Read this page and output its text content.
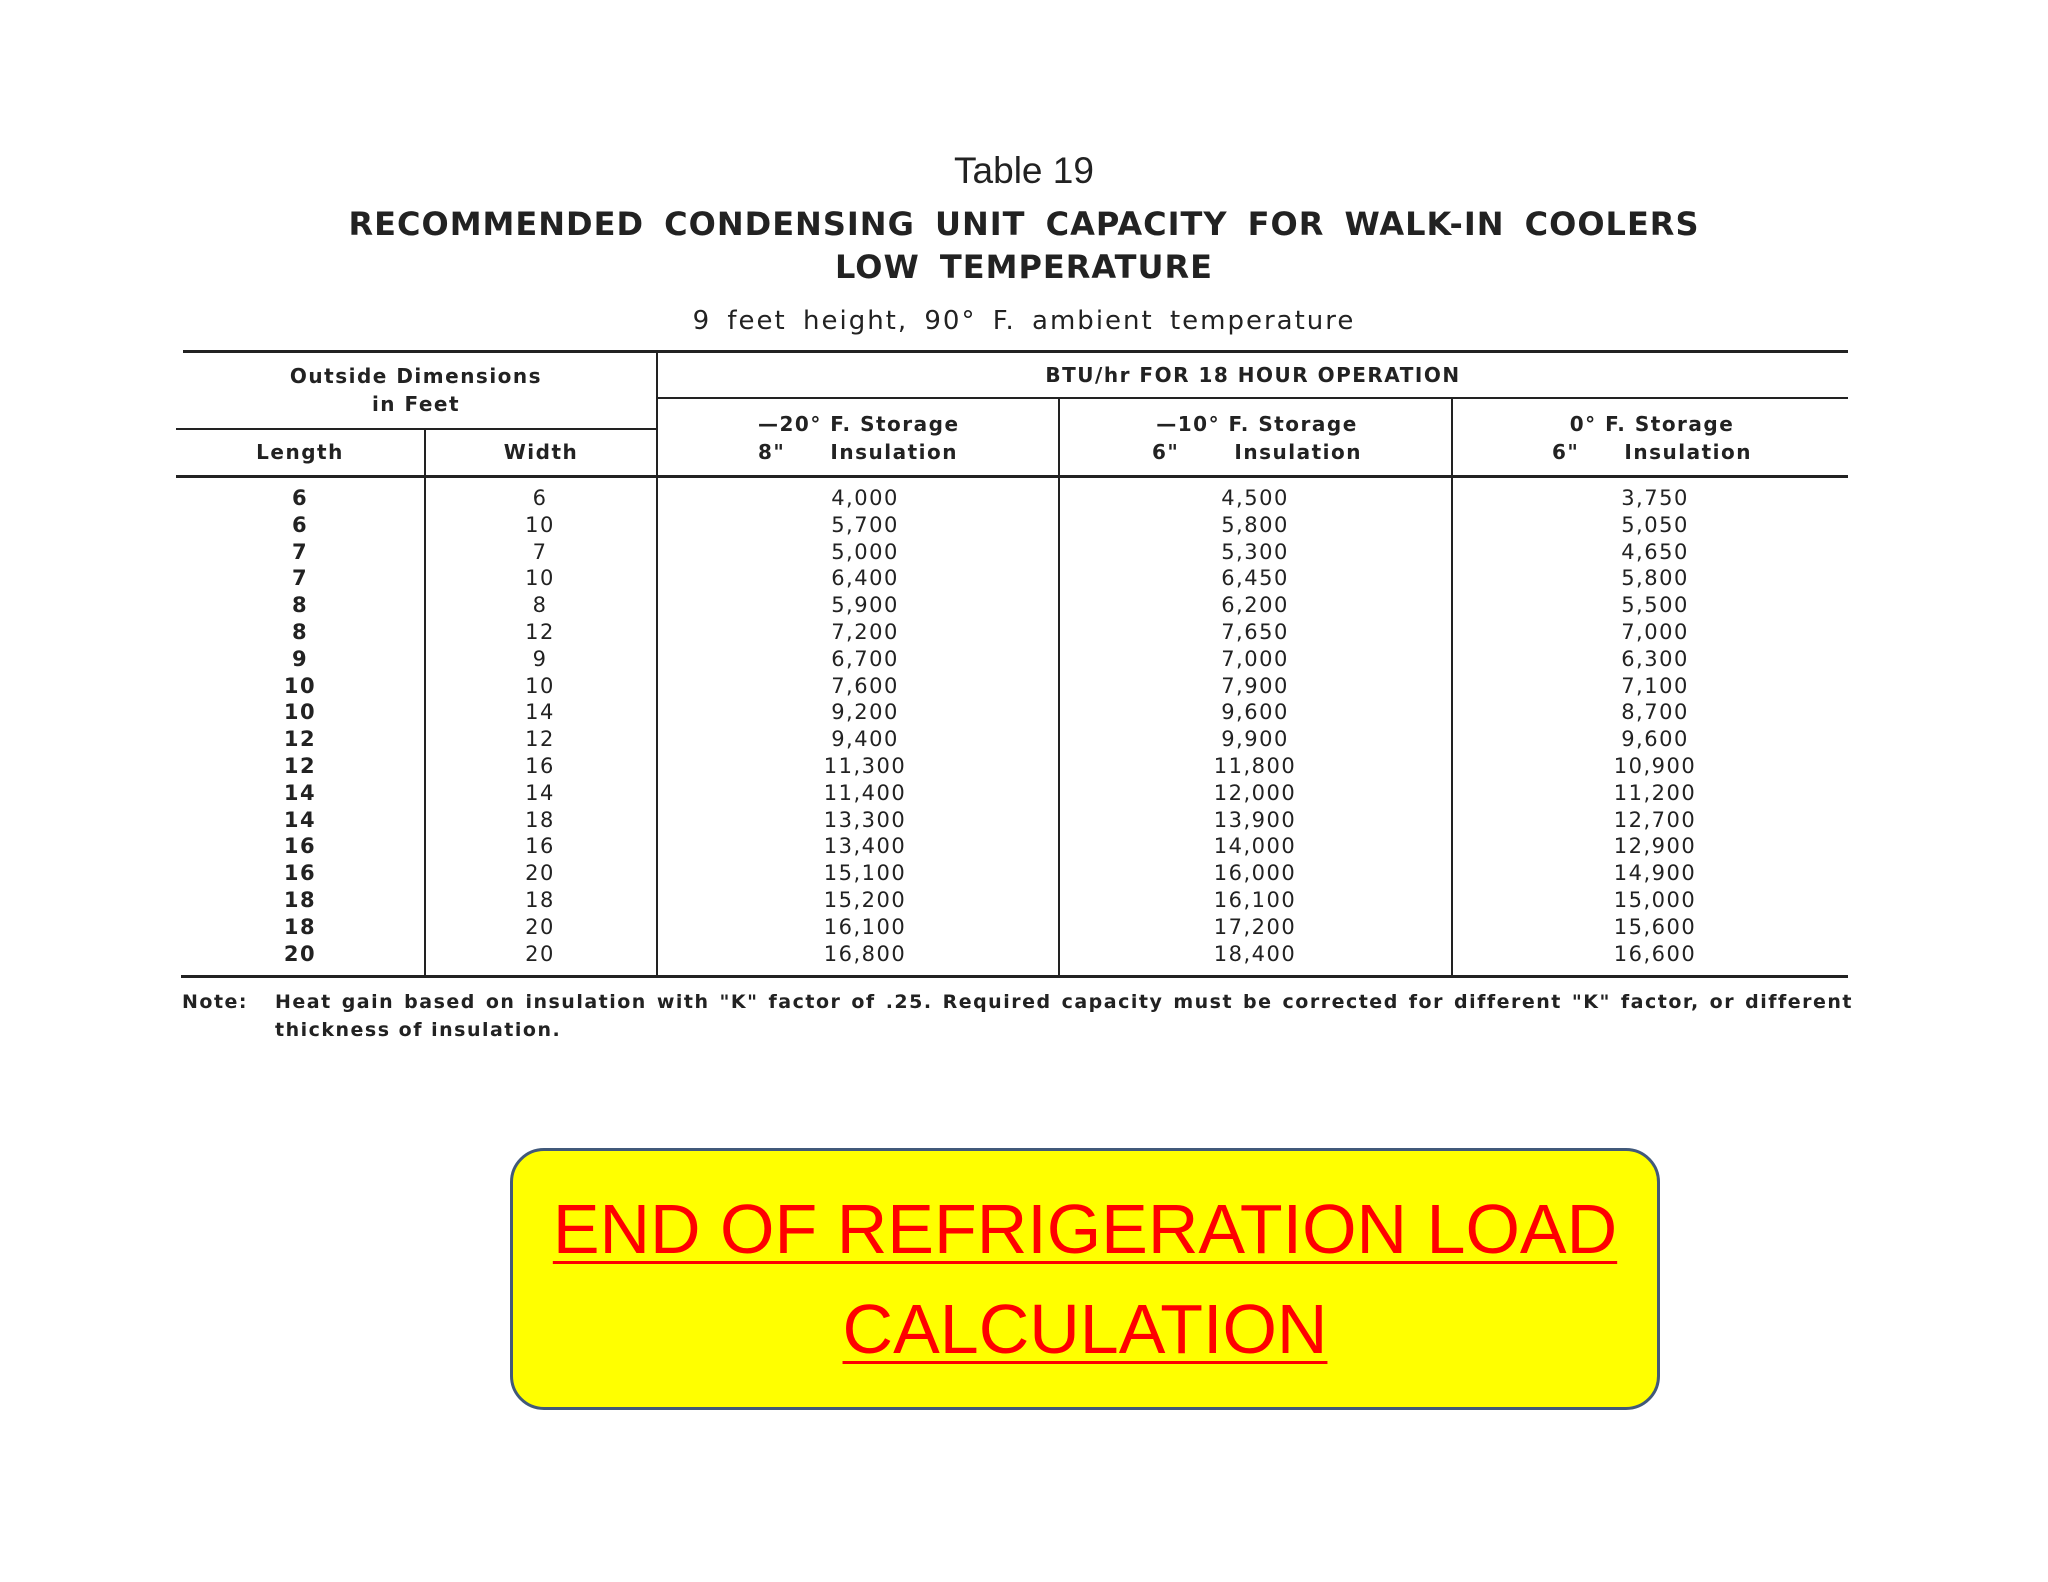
Table 19
RECOMMENDED CONDENSING UNIT CAPACITY FOR WALK-IN COOLERS
LOW TEMPERATURE
9 feet height, 90° F. ambient temperature
Outside Dimensions
in Feet
Length	Width
BTU/hr FOR 18 HOUR OPERATION
—20° F. Storage
8" Insulation
—10° F. Storage
6"	Insulation
0° F. Storage
6" Insulation
6
6
7
7
8
8
9
10
10
12
12
14
14
16
16
18
18
20
6
10
7
10
8
12
9
10
14
12
16
14
18
16
20
18
20
20
4,000
5,700
5,000
6,400
5,900
7,200
6,700
7,600
9,200
9,400
11,300
11,400
13,300
13,400
15,100
15,200
16,100
16,800
4,500
5,800
5,300
6,450
6,200
7,650
7,000
7,900
9,600
9,900
11,800
12,000
13,900
14,000
16,000
16,100
17,200
18,400
3,750
5,050
4,650
5,800
5,500
7,000
6,300
7,100
8,700
9,600
10,900
11,200
12,700
12,900
14,900
15,000
15,600
16,600
Note: Heat gain based on insulation with "K" factor of .25. Required capacity must be corrected for different "K" factor, or different thickness of insulation.
END OF REFRIGERATION LOAD CALCULATION
